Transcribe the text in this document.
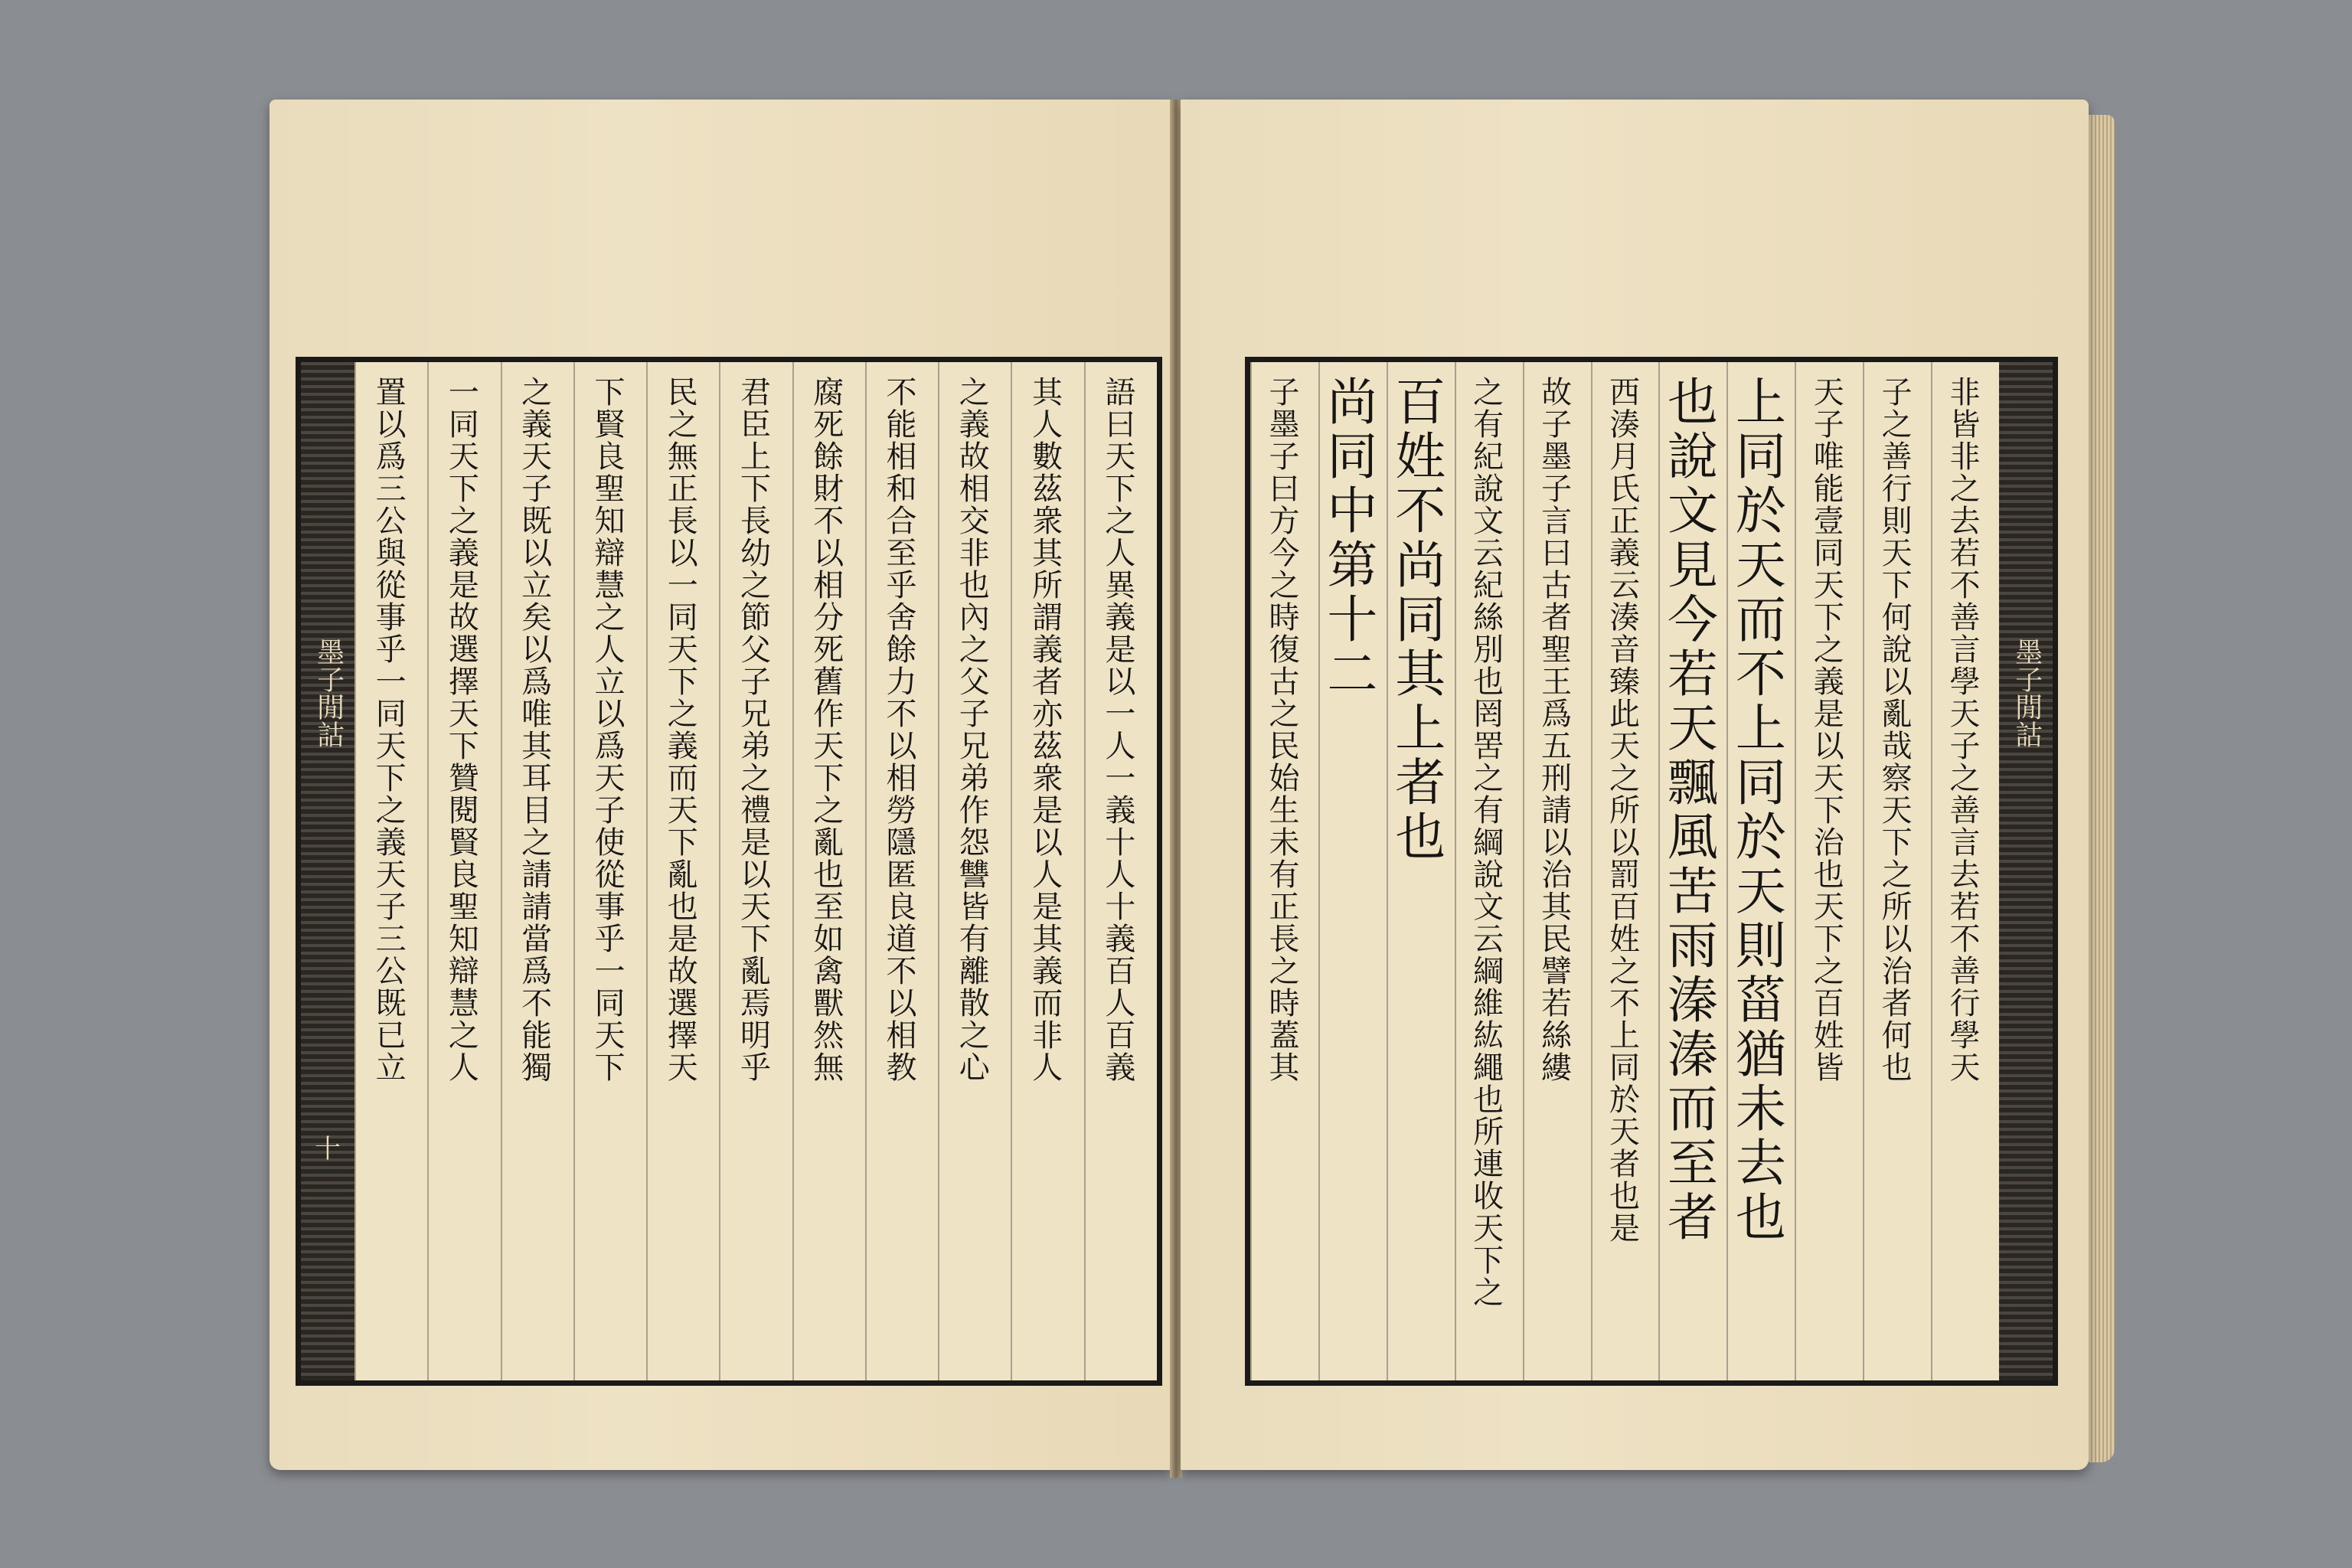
墨子閒詁
十
語
曰
天
下
之
人
異
義
是
以
一
人
一
義
十
人
十
義
百
人
百
義
其
人
數
茲
衆
其
所
謂
義
者
亦
茲
衆
是
以
人
是
其
義
而
非
人
之
義
故
相
交
非
也
內
之
父
子
兄
弟
作
怨
讐
皆
有
離
散
之
心
不
能
相
和
合
至
乎
舍
餘
力
不
以
相
勞
隱
匿
良
道
不
以
相
教
腐
死
餘
財
不
以
相
分
死
舊
作
天
下
之
亂
也
至
如
禽
獸
然
無
君
臣
上
下
長
幼
之
節
父
子
兄
弟
之
禮
是
以
天
下
亂
焉
明
乎
民
之
無
正
長
以
一
同
天
下
之
義
而
天
下
亂
也
是
故
選
擇
天
下
賢
良
聖
知
辯
慧
之
人
立
以
爲
天
子
使
從
事
乎
一
同
天
下
之
義
天
子
既
以
立
矣
以
爲
唯
其
耳
目
之
請
請
當
爲
不
能
獨
一
同
天
下
之
義
是
故
選
擇
天
下
贊
閱
賢
良
聖
知
辯
慧
之
人
置
以
爲
三
公
與
從
事
乎
一
同
天
下
之
義
天
子
三
公
既
已
立
墨子閒詁
非
皆
非
之
去
若
不
善
言
學
天
子
之
善
言
去
若
不
善
行
學
天
子
之
善
行
則
天
下
何
說
以
亂
哉
察
天
下
之
所
以
治
者
何
也
天
子
唯
能
壹
同
天
下
之
義
是
以
天
下
治
也
天
下
之
百
姓
皆
上
同
於
天
而
不
上
同
於
天
則
菑
猶
未
去
也
也
說
文
見
今
若
天
飄
風
苦
雨
溱
溱
而
至
者
西
湊
月
氏
正
義
云
湊
音
臻
此
天
之
所
以
罰
百
姓
之
不
上
同
於
天
者
也
是
故
子
墨
子
言
曰
古
者
聖
王
爲
五
刑
請
以
治
其
民
譬
若
絲
縷
之
有
紀
說
文
云
紀
絲
別
也
罔
罟
之
有
綱
說
文
云
綱
維
紘
繩
也
所
連
收
天
下
之
百
姓
不
尚
同
其
上
者
也
尚
同
中
第
十
二
子
墨
子
曰
方
今
之
時
復
古
之
民
始
生
未
有
正
長
之
時
蓋
其
